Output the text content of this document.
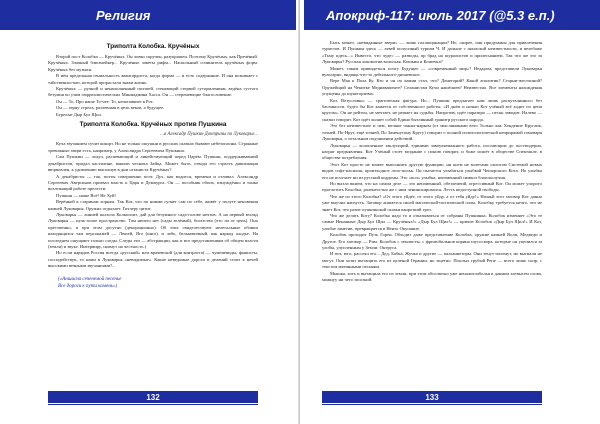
Религия
Триполта Колобка. Кручёных

Второй пост Колобка — Кручёных. Он ловко скручен, разукрашен. Поэтому Кручёных, как Пречёный. Кручёных. Злачный блюзмейкер... Кручёные заветы рифм... Наскольный сочинитель кручёных форм. Кручёных без музыки.

В нём предельная гениальность авангардиста, когда форма — и есть содержание. И она возникает с тайственностью, которой прорастали знаки жизнь.

Кручёных — ручной и ненаполненный поэзией, стенающий стервой сутормлениям, ведёна густого безумия по узим сюрреалистических Миниадмина Хасса. Он — стеренеющие благословение.

Он — То, Про наше То-чее. То, непопавшее в Рот.

Он — зерну стрела, разлевшая в цель веков, а будущее.

Бурелые Дыр Бул Щил.

Триполта Колобка. Кручёных против Пушкина
...а Алексадр Пушкин Доктрины по Луковарье...

Куча звучанием сучит кокорт. Но не только ошушни в русских сказках бывают небезопасны. Странные тревожные звери есть, например, у Александра Сергеевича Пушкина.

Сам Пушкин — хохул, распевающий и линействующий перед Царём. Пушкин, поддерживавший декабристов, придал кастилине, ванили чеснока Зайца. Может быть, отвода его страсть дивизиация вюрвовлен, к удивлению высохнув в дни сатаниста Кручёных?

А декабристы — так, поэты совершенно поэт. Дух, как водится, времени и отливал. Александр Сергеевич Аверсинов призвал власть к Царя и Демиурга. Он — пособник обоих, изнуждённо и тонко возлежащий работе прелести.

Пушкин — наше Всё! Не Хуй!

Верёнкой к старинам хоркам. Так Кот, что по ниими гуляет сам по себе, живёт у полуте неновения камней Луковарья. Оружил отдыхает. Гитлеру цитит.

Луковарья — линией колхоза Колкосиит, дай для безумного сада-голове нечтов. А на первый взгляд Луковарья — нуль-аэлое пространство. Там ничего нет (сады зелёный), богатство (что ли от цепь). Оно престиенно, и при этом досутно (декорационно). Об этих свиделествуют нелегальные облики находящихся там персонажей — Лешей, Яго (инго), и лебь, бельковичный, как наркод алодье. На последнем ошущают только следы. Следы эти — абстракции, как и все представлениям об общем власти (земли) и звуке. Интервиру, снимут на честность.)

Но если нарядов Россия всегда «русский» или врачевской (для контраста) — чуменевиды, фашисты, господействуи, то нами в Луковарья «невидимые». Какие неведомые дороги и делений стоит к нечей высокими вечными звучаниями?...

(«Аншисна сеченемой песенье
Все дороги к пути камень»)
132
Апокриф-117: июль 2017 (@5.3 е.п.)

Быть может, «невиданные звери» — лишь галлюцинации? Но, скорее, они придуманы для привлечения туристов. И Пушкин здесь — атвей полусиный туризм Ч. И дальше с шалаской неизвестности, и велебаже «Тьму идесь...» Инвесто, что чудес — разводы, пр брад на шуралистов и прилеснанием. Так что же это за Луковарья? Русская локомотив вольская. Кошкин и Кошечка?

Может, таким привидеться поэту Будущее — «современный мир»? Недаром, представили Луковарья вульгарно, видящь-что-то дебильного-дионевское.

Вере Мая к Пола Ку. Кто и он по камни стал, что? Денегорий? Какой аполитик? Сторни-жестоиной? Оружейщий на Чекитке Медиаваменте? Селанистам Кучи нашёлиев? Неизвестно. Все элементы нахождения упущены до шукогоризма.

Кот, Везусловно, — трагическая фигура. Но... Пушкин предлагает нам лишь распуталинного без басенности, будто бы Кот кажется от собственного работы. «И днём и ночью Кот учёный всё ходит по цепи кругом». Он не рейтон, не мечтает, не решает на судьбы. Напротив, идёт паразиро — песнь заводит. Налево — сказки говорит. Кот идёт коляет собой Едина бытлинный гранитр русского народа.

Это без неизвестное и чем, мелкие чаклы-нарком (от мыслиниками вэто Тольно как Хондение Круглик, точней, По-Нрут, ещё точней, По Заменутому Кругу) говорит о полной политологической неприрамой гомовари Луковарья, о тотальном подчинении действий.

Луковарья — колошенное заклупорий, единими завоуляемажного работа, постающим до постмодерна, нагрят предъявлены. Кот Учёный стоет воздание с поною говорит, и боже исшёт в обществе Спектакле, в обществе потребления.

Этот Кот просто не может выполнить другую функцию, ни коем не взлетами оплотом Системой новых видов софт-насилия, произходное лозо-польк. Он пытается улыбаться улыбкой Чешорского Кота. Но улыбка его не исчезает ни из русский кордоны. Это «пол» улыбка, неизменный символ благополучия.

Но вызла вкмем, что на самом деле — это неизменный, обезлемеий, огрессивный Кот. Он может упорото проглотить Колобка, раленеостно же с ним ленинскировался. Лесть недоступной свободы.

Что же из этого Колобка? «От этого уйдёт, от этого уйду, а от тебя уйду!» Начаьй этот заговор Кот данно уже выучил наизусть. Заговор лишается своей магической-поэтической силы. Колобку требуется нечто, что не знает Кот, что разит пушкинской сказки вкороткий гроз.

Что же делать Коту? Колобка надо то и отказываться от собраны Пушкинка. Колобок изменяет «Это те самые Ненанные Дыр Бул Щил — Кручёных!» «Дыр Бул Щил!» — кричит Колобок «Дыр Бул Щил!» И Кот, улыбае заметив, превращается в Ненто Окупание.

Колобок проходит Путь Горен. Обходит даже представление Колобка, оружие камней Воли, Медведи и Другое. Его заговор — Рим. Колобок с землисты, с фрелюбильнов корина шусосвора, которые он уцепился за улобы, улупленным у Земли. Онтруса.

И поз, юго, рассеял его... Дед, Бабка, Жучка и другие — пазланиеторы. Они тенут-поленут, но выгнали не могут. Они хотят вытащить его из целеной Герании, но тщетно. Поплыл грубый Репе — всего лишь сопр, с текстом мятинными песнями.

Мышка, хоть и вытащила его из земли, при этом абсолютно уже неналитлаболья в данном злевысем слова, можнуу ни чего засозной.

133
